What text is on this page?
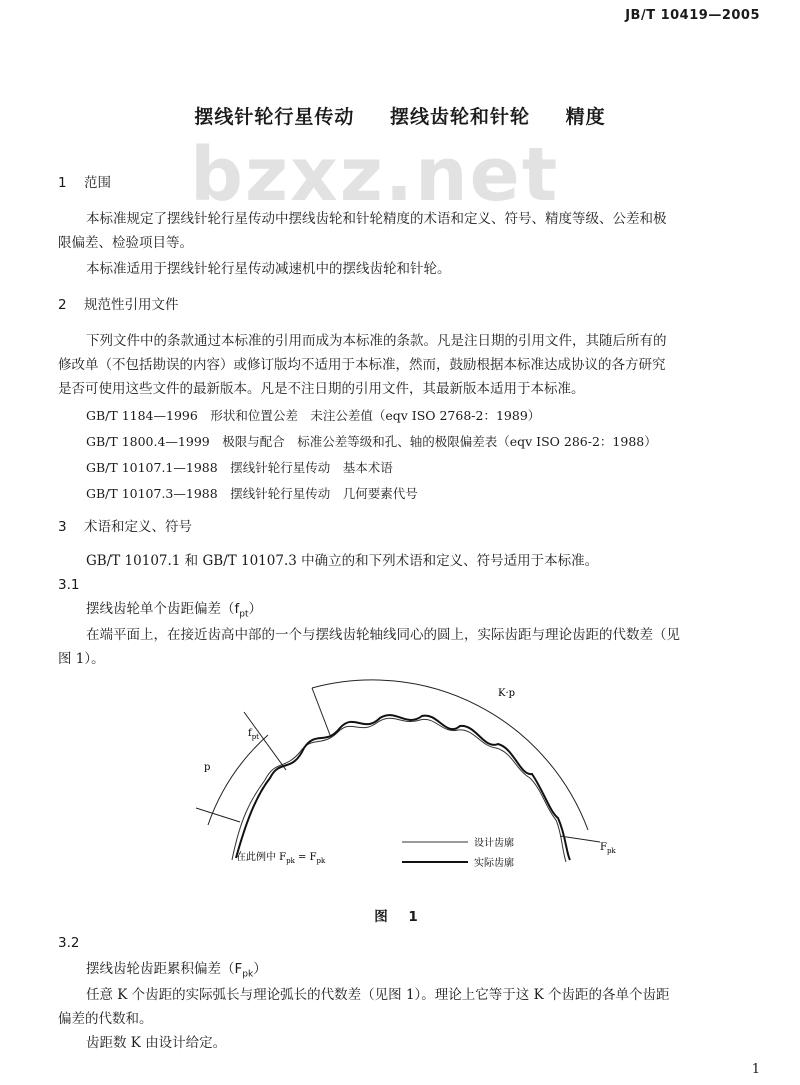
JB/T 10419—2005
bzxz.net
摆线针轮行星传动 摆线齿轮和针轮 精度
1 范围
本标准规定了摆线针轮行星传动中摆线齿轮和针轮精度的术语和定义、符号、精度等级、公差和极
限偏差、检验项目等。
本标准适用于摆线针轮行星传动减速机中的摆线齿轮和针轮。
2 规范性引用文件
下列文件中的条款通过本标准的引用而成为本标准的条款。凡是注日期的引用文件，其随后所有的
修改单（不包括勘误的内容）或修订版均不适用于本标准，然而，鼓励根据本标准达成协议的各方研究
是否可使用这些文件的最新版本。凡是不注日期的引用文件，其最新版本适用于本标准。
GB/T 1184—1996　形状和位置公差　未注公差值（eqv ISO 2768-2：1989）
GB/T 1800.4—1999　极限与配合　标准公差等级和孔、轴的极限偏差表（eqv ISO 286-2：1988）
GB/T 10107.1—1988　摆线针轮行星传动　基本术语
GB/T 10107.3—1988　摆线针轮行星传动　几何要素代号
3 术语和定义、符号
GB/T 10107.1 和 GB/T 10107.3 中确立的和下列术语和定义、符号适用于本标准。
3.1
摆线齿轮单个齿距偏差$(f_{pt})$
在端平面上，在接近齿高中部的一个与摆线齿轮轴线同心的圆上，实际齿距与理论齿距的代数差（见
图 1）。
K·p
$f_{pt}$
p
$F_{pk}$
设计齿廓
实际齿廓
在此例中 $F_{pk} = F_{pk}$
图 1
3.2
摆线齿轮齿距累积偏差$(F_{pk})$
任意 K 个齿距的实际弧长与理论弧长的代数差（见图 1）。理论上它等于这 K 个齿距的各单个齿距
偏差的代数和。
齿距数 K 由设计给定。
1
